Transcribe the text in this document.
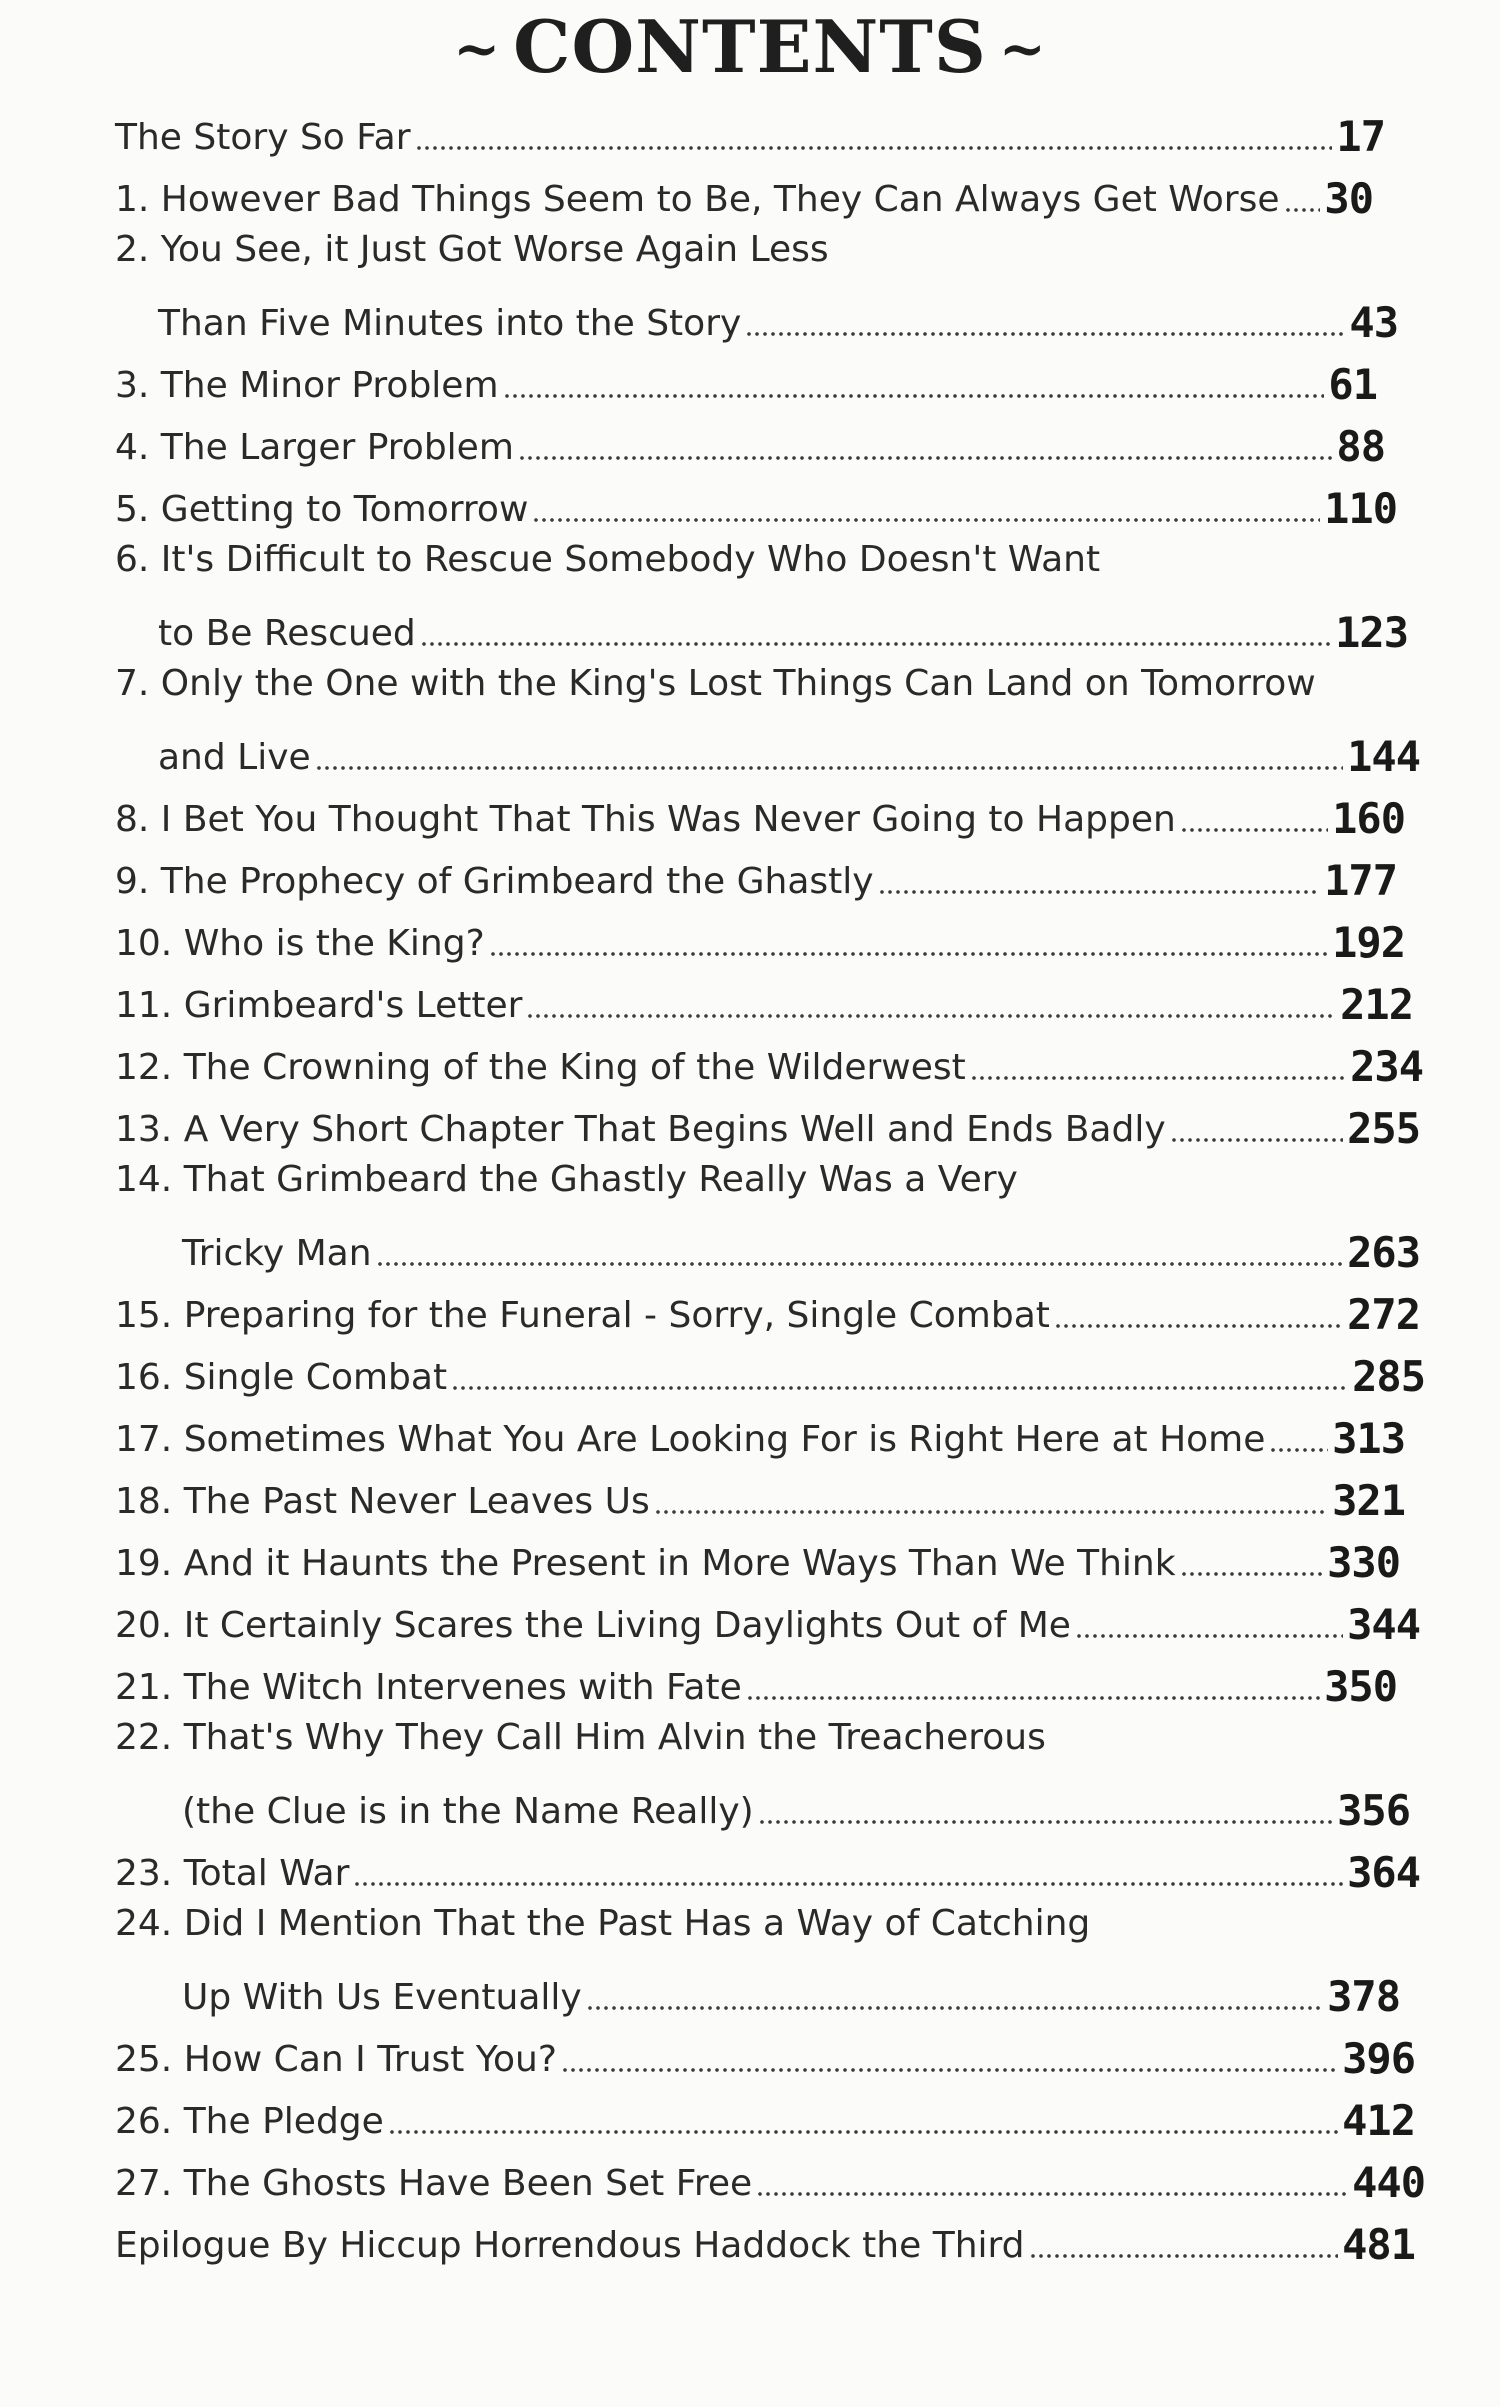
~ CONTENTS ~
The Story So Far	17
1. However Bad Things Seem to Be, They Can Always Get Worse 30
2. You See, it Just Got Worse Again Less
Than Five Minutes into the Story	43
3. The Minor Problem	61
4. The Larger Problem	88
5. Getting to Tomorrow	110
6. It's Difficult to Rescue Somebody Who Doesn't Want
to Be Rescued	123
7. Only the One with the King's Lost Things Can Land on Tomorrow
and Live	144
8. I Bet You Thought That This Was Never Going to Happen	160
9. The Prophecy of Grimbeard the Ghastly	177
10. Who is the King?	192
11. Grimbeard's Letter	212
12. The Crowning of the King of the Wilderwest	234
13. A Very Short Chapter That Begins Well and Ends Badly	255
14. That Grimbeard the Ghastly Really Was a Very
Tricky Man	263
15. Preparing for the Funeral - Sorry, Single Combat	272
16. Single Combat	285
17. Sometimes What You Are Looking For is Right Here at Home 313
18. The Past Never Leaves Us	321
19. And it Haunts the Present in More Ways Than We Think	330
20. It Certainly Scares the Living Daylights Out of Me	344
21. The Witch Intervenes with Fate	350
22. That's Why They Call Him Alvin the Treacherous
(the Clue is in the Name Really)	356
23. Total War	364
24. Did I Mention That the Past Has a Way of Catching
Up With Us Eventually	378
25. How Can I Trust You?	396
26. The Pledge	412
27. The Ghosts Have Been Set Free	440
Epilogue By Hiccup Horrendous Haddock the Third	481
